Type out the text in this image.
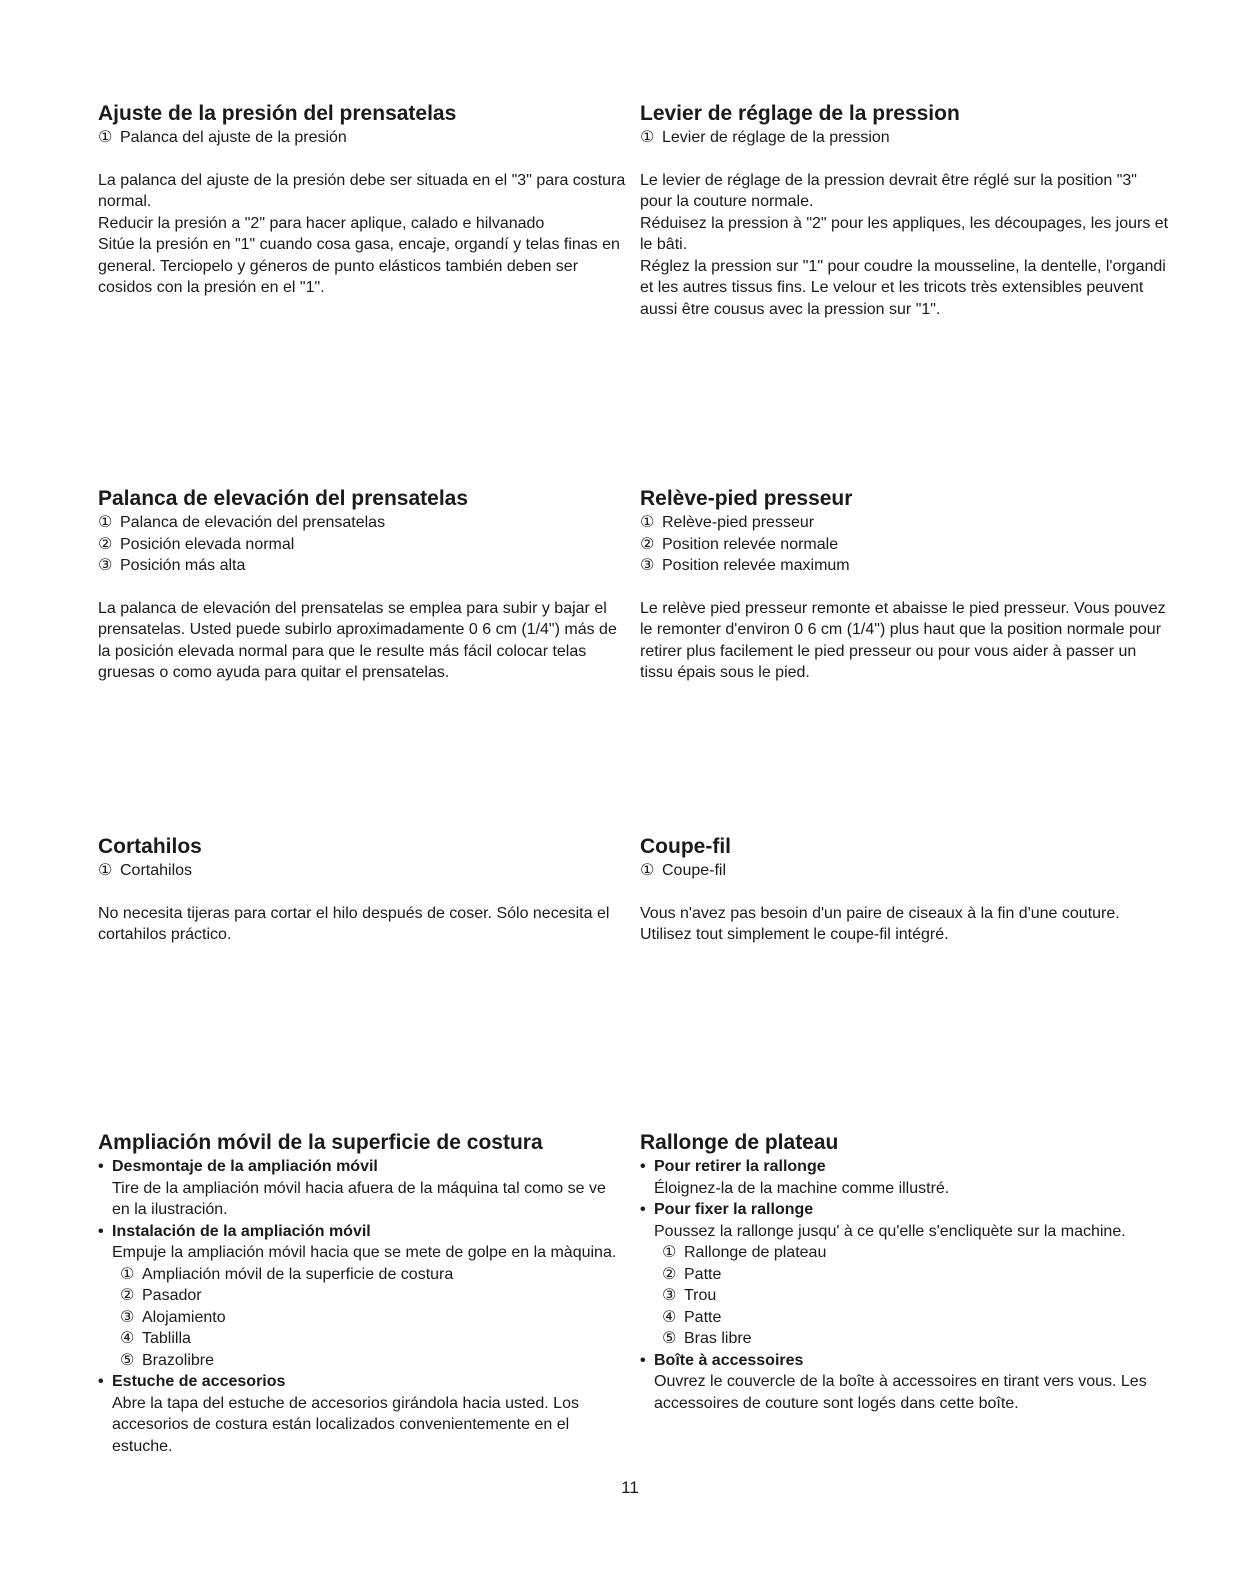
Ajuste de la presión del prensatelas
① Palanca del ajuste de la presión

La palanca del ajuste de la presión debe ser situada en el "3" para costura normal.

Reducir la presión a "2" para hacer aplique, calado e hilvanado

Sitúe la presión en "1" cuando cosa gasa, encaje, organdí y telas finas en general. Terciopelo y géneros de punto elásticos también deben ser cosidos con la presión en el "1".

Levier de réglage de la pression
① Levier de réglage de la pression

Le levier de réglage de la pression devrait être réglé sur la position "3" pour la couture normale.

Réduisez la pression à "2" pour les appliques, les découpages, les jours et le bâti.

Réglez la pression sur "1" pour coudre la mousseline, la dentelle, l'organdi et les autres tissus fins. Le velour et les tricots très extensibles peuvent aussi être cousus avec la pression sur "1".

Palanca de elevación del prensatelas
① Palanca de elevación del prensatelas
② Posición elevada normal
③ Posición más alta

La palanca de elevación del prensatelas se emplea para subir y bajar el prensatelas. Usted puede subirlo aproximadamente 0 6 cm (1/4") más de la posición elevada normal para que le resulte más fácil colocar telas gruesas o como ayuda para quitar el prensatelas.

Relève-pied presseur
① Relève-pied presseur
② Position relevée normale
③ Position relevée maximum

Le relève pied presseur remonte et abaisse le pied presseur. Vous pouvez le remonter d'environ 0 6 cm (1/4") plus haut que la position normale pour retirer plus facilement le pied presseur ou pour vous aider à passer un tissu épais sous le pied.

Cortahilos
① Cortahilos

No necesita tijeras para cortar el hilo después de coser. Sólo necesita el cortahilos práctico.

Coupe-fil
① Coupe-fil

Vous n'avez pas besoin d'un paire de ciseaux à la fin d'une couture. Utilisez tout simplement le coupe-fil intégré.

Ampliación móvil de la superficie de costura
• Desmontaje de la ampliación móvil
Tire de la ampliación móvil hacia afuera de la máquina tal como se ve en la ilustración.
• Instalación de la ampliación móvil
Empuje la ampliación móvil hacia que se mete de golpe en la màquina.
① Ampliación móvil de la superficie de costura
② Pasador
③ Alojamiento
④ Tablilla
⑤ Brazolibre
• Estuche de accesorios
Abre la tapa del estuche de accesorios girándola hacia usted. Los accesorios de costura están localizados convenientemente en el estuche.
Rallonge de plateau
• Pour retirer la rallonge
Éloignez-la de la machine comme illustré.
• Pour fixer la rallonge
Poussez la rallonge jusqu' à ce qu'elle s'encliquète sur la machine.
① Rallonge de plateau
② Patte
③ Trou
④ Patte
⑤ Bras libre
• Boîte à accessoires
Ouvrez le couvercle de la boîte à accessoires en tirant vers vous. Les accessoires de couture sont logés dans cette boîte.
11
